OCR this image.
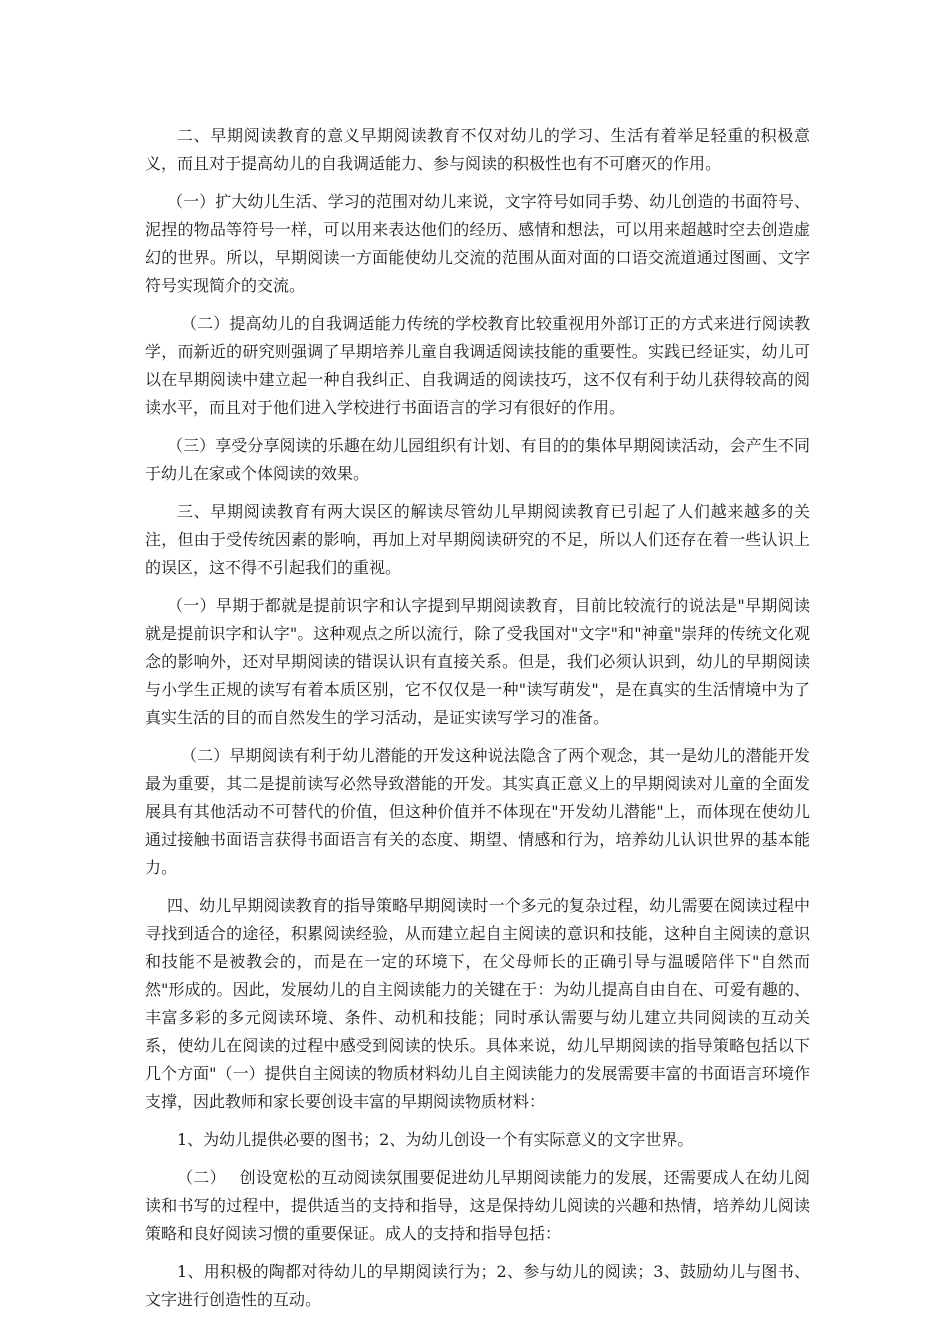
二、早期阅读教育的意义早期阅读教育不仅对幼儿的学习、生活有着举足轻重的积极意义，而且对于提高幼儿的自我调适能力、参与阅读的积极性也有不可磨灭的作用。

（一）扩大幼儿生活、学习的范围对幼儿来说，文字符号如同手势、幼儿创造的书面符号、泥捏的物品等符号一样，可以用来表达他们的经历、感情和想法，可以用来超越时空去创造虚幻的世界。所以，早期阅读一方面能使幼儿交流的范围从面对面的口语交流道通过图画、文字符号实现简介的交流。

（二）提高幼儿的自我调适能力传统的学校教育比较重视用外部订正的方式来进行阅读教学，而新近的研究则强调了早期培养儿童自我调适阅读技能的重要性。实践已经证实，幼儿可以在早期阅读中建立起一种自我纠正、自我调适的阅读技巧，这不仅有利于幼儿获得较高的阅读水平，而且对于他们进入学校进行书面语言的学习有很好的作用。

（三）享受分享阅读的乐趣在幼儿园组织有计划、有目的的集体早期阅读活动，会产生不同于幼儿在家或个体阅读的效果。

三、早期阅读教育有两大误区的解读尽管幼儿早期阅读教育已引起了人们越来越多的关注，但由于受传统因素的影响，再加上对早期阅读研究的不足，所以人们还存在着一些认识上的误区，这不得不引起我们的重视。

（一）早期于都就是提前识字和认字提到早期阅读教育，目前比较流行的说法是"早期阅读就是提前识字和认字"。这种观点之所以流行，除了受我国对"文字"和"神童"崇拜的传统文化观念的影响外，还对早期阅读的错误认识有直接关系。但是，我们必须认识到，幼儿的早期阅读与小学生正规的读写有着本质区别，它不仅仅是一种"读写萌发"，是在真实的生活情境中为了真实生活的目的而自然发生的学习活动，是证实读写学习的准备。

（二）早期阅读有利于幼儿潜能的开发这种说法隐含了两个观念，其一是幼儿的潜能开发最为重要，其二是提前读写必然导致潜能的开发。其实真正意义上的早期阅读对儿童的全面发展具有其他活动不可替代的价值，但这种价值并不体现在"开发幼儿潜能"上，而体现在使幼儿通过接触书面语言获得书面语言有关的态度、期望、情感和行为，培养幼儿认识世界的基本能力。

四、幼儿早期阅读教育的指导策略早期阅读时一个多元的复杂过程，幼儿需要在阅读过程中寻找到适合的途径，积累阅读经验，从而建立起自主阅读的意识和技能，这种自主阅读的意识和技能不是被教会的，而是在一定的环境下，在父母师长的正确引导与温暖陪伴下"自然而然"形成的。因此，发展幼儿的自主阅读能力的关键在于：为幼儿提高自由自在、可爱有趣的、丰富多彩的多元阅读环境、条件、动机和技能；同时承认需要与幼儿建立共同阅读的互动关系，使幼儿在阅读的过程中感受到阅读的快乐。具体来说，幼儿早期阅读的指导策略包括以下几个方面"（一）提供自主阅读的物质材料幼儿自主阅读能力的发展需要丰富的书面语言环境作支撑，因此教师和家长要创设丰富的早期阅读物质材料：

1、为幼儿提供必要的图书；2、为幼儿创设一个有实际意义的文字世界。

（二）　 创设宽松的互动阅读氛围要促进幼儿早期阅读能力的发展，还需要成人在幼儿阅读和书写的过程中，提供适当的支持和指导，这是保持幼儿阅读的兴趣和热情，培养幼儿阅读策略和良好阅读习惯的重要保证。成人的支持和指导包括：

1、用积极的陶都对待幼儿的早期阅读行为；2、参与幼儿的阅读；3、鼓励幼儿与图书、文字进行创造性的互动。
